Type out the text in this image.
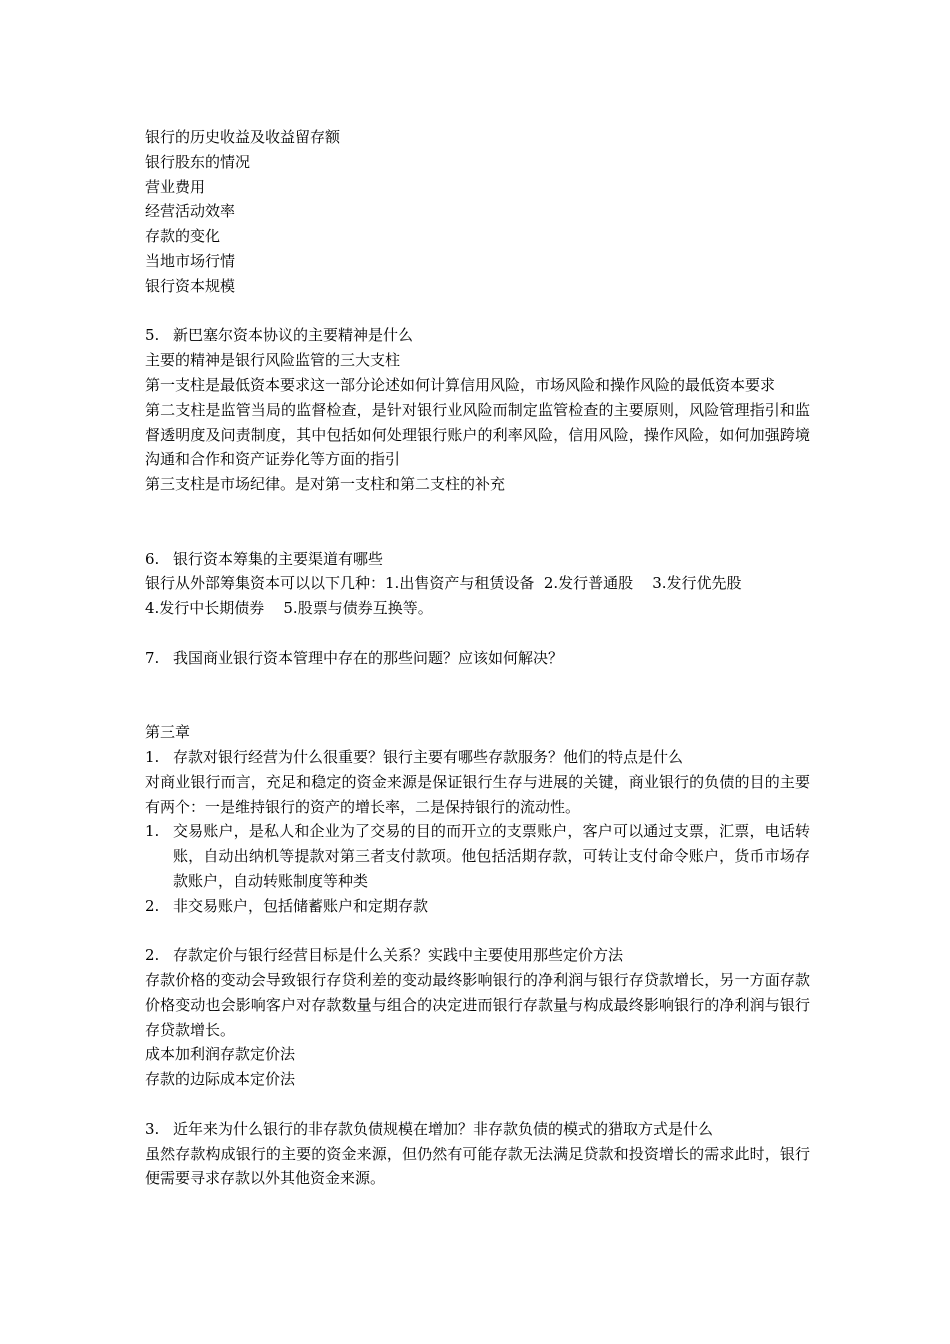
银行的历史收益及收益留存额
银行股东的情况
营业费用
经营活动效率
存款的变化
当地市场行情
银行资本规模
5. 新巴塞尔资本协议的主要精神是什么
主要的精神是银行风险监管的三大支柱
第一支柱是最低资本要求这一部分论述如何计算信用风险，市场风险和操作风险的最低资本要求
第二支柱是监管当局的监督检查，是针对银行业风险而制定监管检查的主要原则，风险管理指引和监督透明度及问责制度，其中包括如何处理银行账户的利率风险，信用风险，操作风险，如何加强跨境沟通和合作和资产证券化等方面的指引
第三支柱是市场纪律。是对第一支柱和第二支柱的补充
6. 银行资本筹集的主要渠道有哪些
银行从外部筹集资本可以以下几种：1.出售资产与租赁设备  2.发行普通股    3.发行优先股
4.发行中长期债券    5.股票与债券互换等。
7. 我国商业银行资本管理中存在的那些问题？应该如何解决？
第三章
1. 存款对银行经营为什么很重要？银行主要有哪些存款服务？他们的特点是什么
对商业银行而言，充足和稳定的资金来源是保证银行生存与进展的关键，商业银行的负债的目的主要有两个：一是维持银行的资产的增长率，二是保持银行的流动性。
1. 交易账户，是私人和企业为了交易的目的而开立的支票账户，客户可以通过支票，汇票，电话转账，自动出纳机等提款对第三者支付款项。他包括活期存款，可转让支付命令账户，货币市场存款账户，自动转账制度等种类
2. 非交易账户，包括储蓄账户和定期存款
2. 存款定价与银行经营目标是什么关系？实践中主要使用那些定价方法
存款价格的变动会导致银行存贷利差的变动最终影响银行的净利润与银行存贷款增长，另一方面存款价格变动也会影响客户对存款数量与组合的决定进而银行存款量与构成最终影响银行的净利润与银行存贷款增长。
成本加利润存款定价法
存款的边际成本定价法
3. 近年来为什么银行的非存款负债规模在增加？非存款负债的模式的猎取方式是什么
虽然存款构成银行的主要的资金来源，但仍然有可能存款无法满足贷款和投资增长的需求此时，银行便需要寻求存款以外其他资金来源。
